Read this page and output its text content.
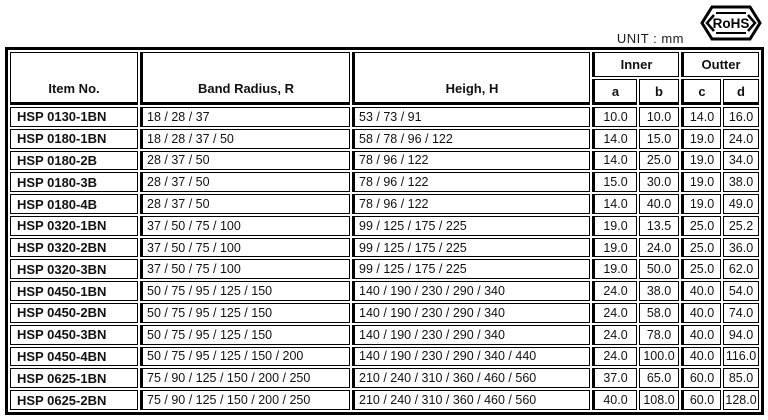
UNIT : mm
RoHS
Item No.	Band Radius, R	Heigh, H	Inner		Outter	
			a	b	c	d
HSP 0130-1BN	18 / 28 / 37	53 / 73 / 91	10.0	10.0	14.0	16.0
HSP 0180-1BN	18 / 28 / 37 / 50	58 / 78 / 96 / 122	14.0	15.0	19.0	24.0
HSP 0180-2B	28 / 37 / 50	78 / 96 / 122	14.0	25.0	19.0	34.0
HSP 0180-3B	28 / 37 / 50	78 / 96 / 122	15.0	30.0	19.0	38.0
HSP 0180-4B	28 / 37 / 50	78 / 96 / 122	14.0	40.0	19.0	49.0
HSP 0320-1BN	37 / 50 / 75 / 100	99 / 125 / 175 / 225	19.0	13.5	25.0	25.2
HSP 0320-2BN	37 / 50 / 75 / 100	99 / 125 / 175 / 225	19.0	24.0	25.0	36.0
HSP 0320-3BN	37 / 50 / 75 / 100	99 / 125 / 175 / 225	19.0	50.0	25.0	62.0
HSP 0450-1BN	50 / 75 / 95 / 125 / 150	140 / 190 / 230 / 290 / 340	24.0	38.0	40.0	54.0
HSP 0450-2BN	50 / 75 / 95 / 125 / 150	140 / 190 / 230 / 290 / 340	24.0	58.0	40.0	74.0
HSP 0450-3BN	50 / 75 / 95 / 125 / 150	140 / 190 / 230 / 290 / 340	24.0	78.0	40.0	94.0
HSP 0450-4BN	50 / 75 / 95 / 125 / 150 / 200	140 / 190 / 230 / 290 / 340 / 440	24.0	100.0	40.0	116.0
HSP 0625-1BN	75 / 90 / 125 / 150 / 200 / 250	210 / 240 / 310 / 360 / 460 / 560	37.0	65.0	60.0	85.0
HSP 0625-2BN	75 / 90 / 125 / 150 / 200 / 250	210 / 240 / 310 / 360 / 460 / 560	40.0	108.0	60.0	128.0
